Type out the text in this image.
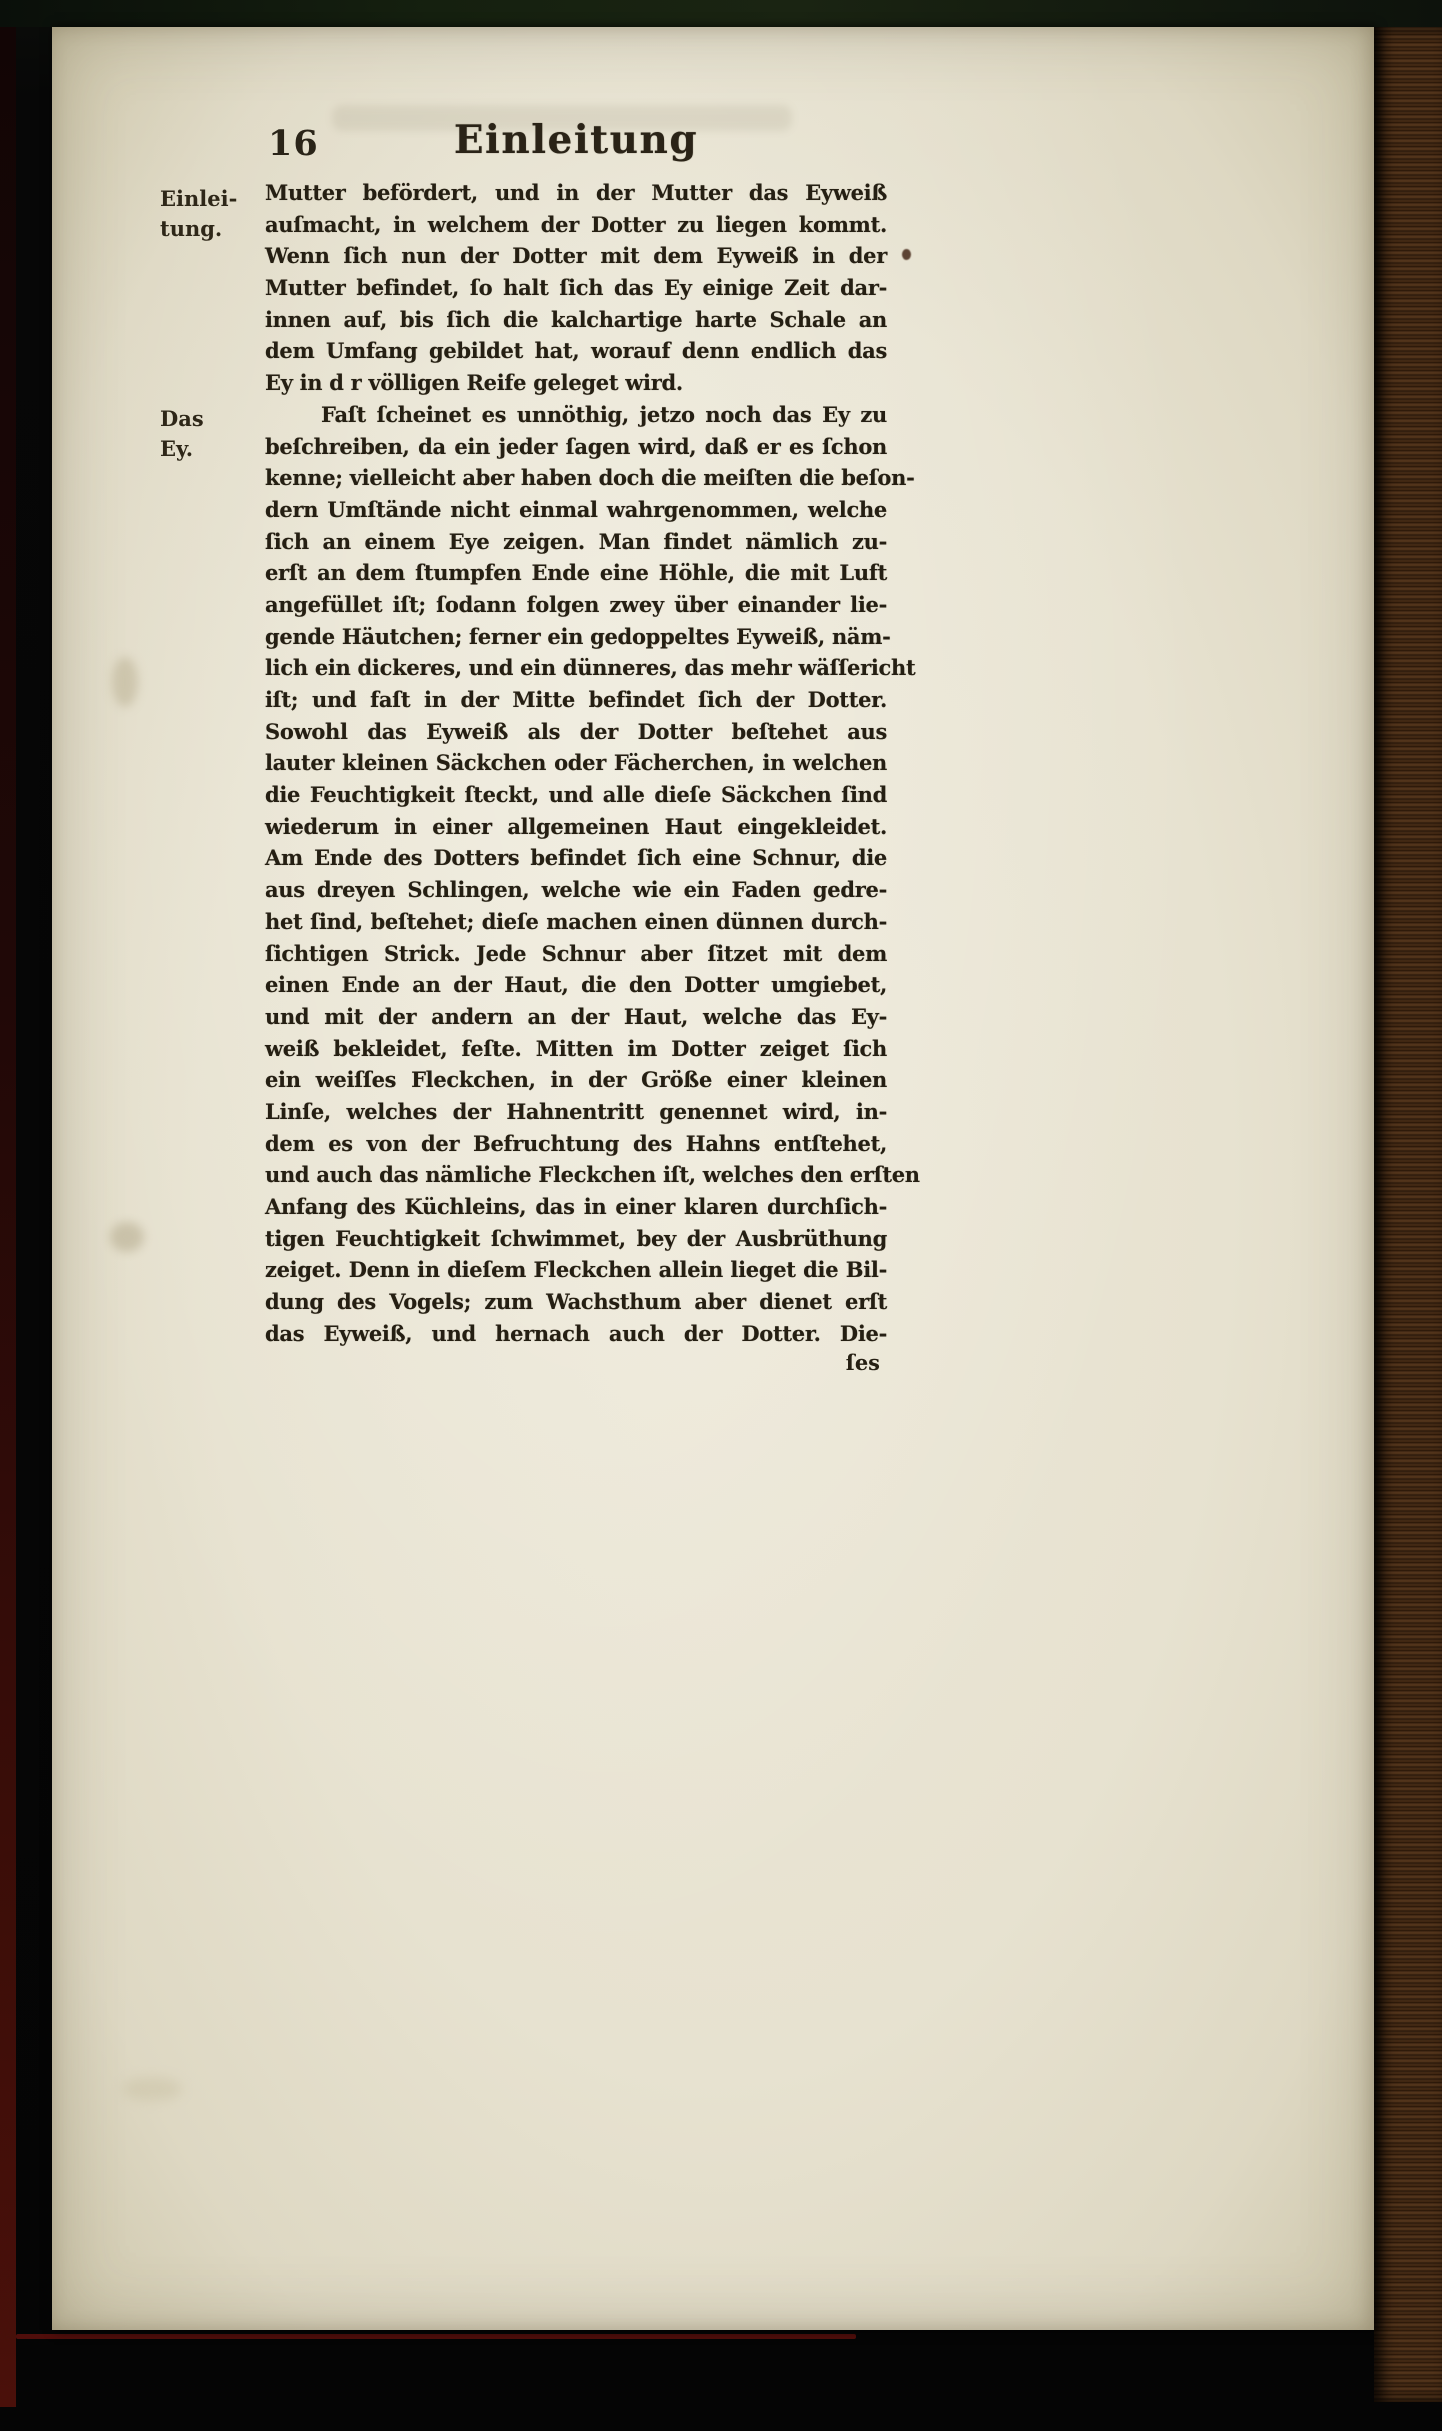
16	Einleitung
Einlei-
tung.
Das
Ey.
Mutter befördert, und in der Mutter das Eyweiß
auſmacht, in welchem der Dotter zu liegen kommt.
Wenn ſich nun der Dotter mit dem Eyweiß in der
Mutter befindet, ſo halt ſich das Ey einige Zeit dar-
innen auf, bis ſich die kalchartige harte Schale an
dem Umfang gebildet hat, worauf denn endlich das
Ey in d r völligen Reife geleget wird.
Faſt ſcheinet es unnöthig, jetzo noch das Ey zu
beſchreiben, da ein jeder ſagen wird, daß er es ſchon
kenne; vielleicht aber haben doch die meiſten die beſon-
dern Umſtände nicht einmal wahrgenommen, welche
ſich an einem Eye zeigen. Man findet nämlich zu-
erſt an dem ſtumpfen Ende eine Höhle, die mit Luft
angefüllet iſt; ſodann folgen zwey über einander lie-
gende Häutchen; ferner ein gedoppeltes Eyweiß, näm-
lich ein dickeres, und ein dünneres, das mehr wäſſericht
iſt; und faſt in der Mitte befindet ſich der Dotter.
Sowohl das Eyweiß als der Dotter beſtehet aus
lauter kleinen Säckchen oder Fächerchen, in welchen
die Feuchtigkeit ſteckt, und alle dieſe Säckchen ſind
wiederum in einer allgemeinen Haut eingekleidet.
Am Ende des Dotters befindet ſich eine Schnur, die
aus dreyen Schlingen, welche wie ein Faden gedre-
het ſind, beſtehet; dieſe machen einen dünnen durch-
ſichtigen Strick. Jede Schnur aber ſitzet mit dem
einen Ende an der Haut, die den Dotter umgiebet,
und mit der andern an der Haut, welche das Ey-
weiß bekleidet, feſte. Mitten im Dotter zeiget ſich
ein weiſſes Fleckchen, in der Größe einer kleinen
Linſe, welches der Hahnentritt genennet wird, in-
dem es von der Befruchtung des Hahns entſtehet,
und auch das nämliche Fleckchen iſt, welches den erſten
Anfang des Küchleins, das in einer klaren durchſich-
tigen Feuchtigkeit ſchwimmet, bey der Ausbrüthung
zeiget. Denn in dieſem Fleckchen allein lieget die Bil-
dung des Vogels; zum Wachsthum aber dienet erſt
das Eyweiß, und hernach auch der Dotter. Die-
ſes
